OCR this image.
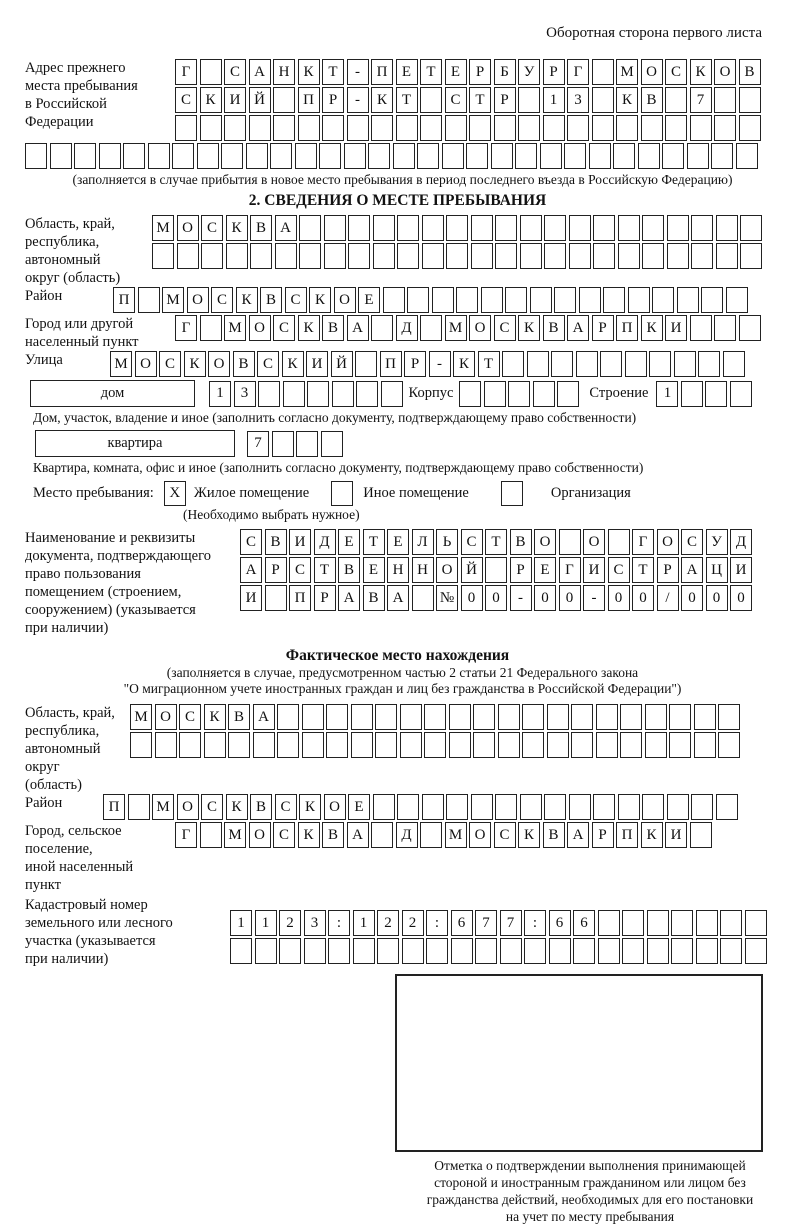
Оборотная сторона первого листа
Адрес прежнего
места пребывания
в Российской
Федерации
Г	С А Н К Т	-	П Е	Т	Е	Р	Б У	Р	Г	М О С К О В
С К И Й	П Р	-	К Т	С Т	Р	1	3	К В	7
(заполняется в случае прибытия в новое место пребывания в период последнего въезда в Российскую Федерацию)
2. СВЕДЕНИЯ О МЕСТЕ ПРЕБЫВАНИЯ
Область, край,
республика,
автономный
округ (область)
М О С К В А
Район	П	М О С К В С К О Е
Город или другой
населенный пункт
Г	М О С К В А	Д	М О С К В А Р П К И
Улица	М О С К О В С К И Й	П Р	-	К Т
дом	1	3	Корпус	Строение	1
Дом, участок, владение и иное (заполнить согласно документу, подтверждающему право собственности)
квартира	7
Квартира, комната, офис и иное (заполнить согласно документу, подтверждающему право собственности)
Место пребывания: X Жилое помещение	Иное помещение	Организация
(Необходимо выбрать нужное)
Наименование и реквизиты
документа, подтверждающего
право пользования
помещением (строением,
сооружением) (указывается
при наличии)
С В И Д Е	Т	Е Л	Ь	С Т В О	О	Г О С У Д
А Р	С Т В Е Н Н О Й	Р	Е	Г И С Т	Р А Ц И
И	П Р А В А	№ 0	0	-	0	0	-	0	0	/	0	0	0
Фактическое место нахождения
(заполняется в случае, предусмотренном частью 2 статьи 21 Федерального закона
"О миграционном учете иностранных граждан и лиц без гражданства в Российской Федерации")
Область, край,
республика,
автономный округ
(область)
М О С К В А
Район	П	М О С К В С К О Е
Город, сельское поселение,
иной населенный пункт
Г	М О С К В А	Д	М О С К В А Р П К И
Кадастровый номер
земельного или лесного
участка (указывается
при наличии)
1	1	2	3	:	1	2	2	:	6	7	7	:	6	6
Отметка о подтверждении выполнения принимающей
стороной и иностранным гражданином или лицом без
гражданства действий, необходимых для его постановки
на учет по месту пребывания
